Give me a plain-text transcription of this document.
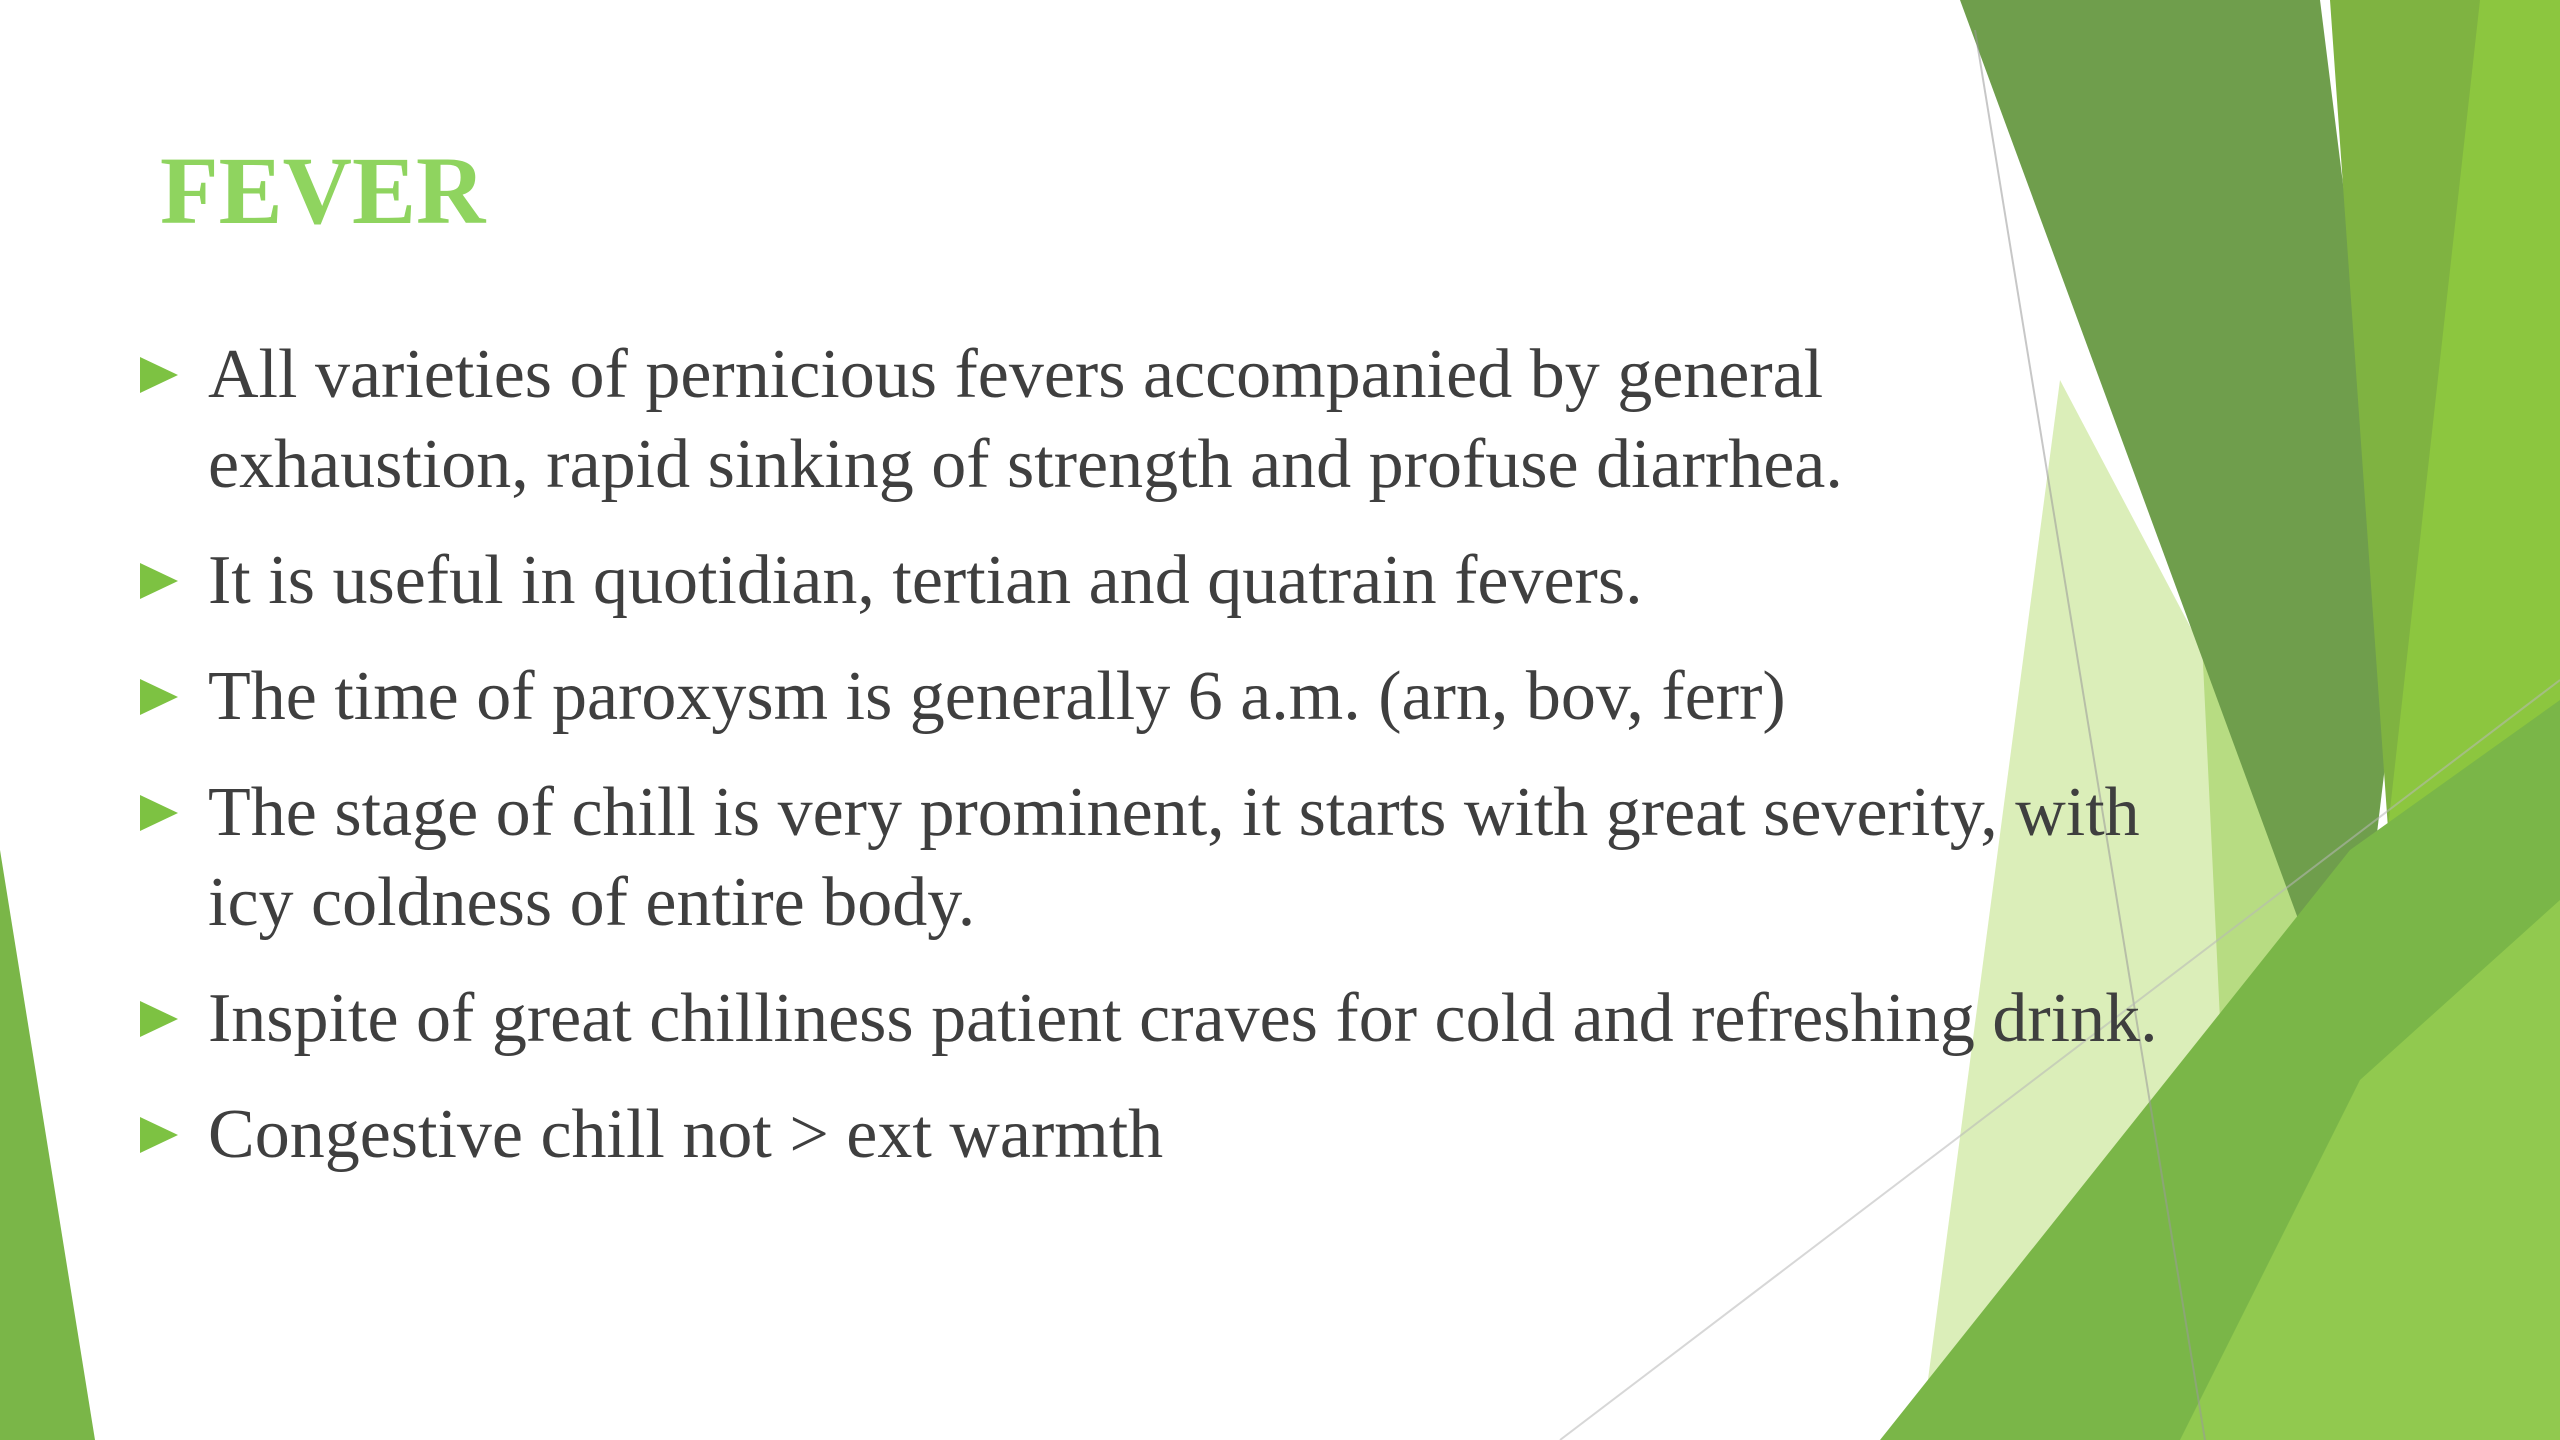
FEVER
All varieties of pernicious fevers accompanied by general exhaustion, rapid sinking of strength and profuse diarrhea.
It is useful in quotidian, tertian and quatrain fevers.
The time of paroxysm is generally 6 a.m. (arn, bov, ferr)
The stage of chill is very prominent, it starts with great severity, with icy coldness of entire body.
Inspite of great chilliness patient craves for cold and refreshing drink.
Congestive chill not > ext warmth
